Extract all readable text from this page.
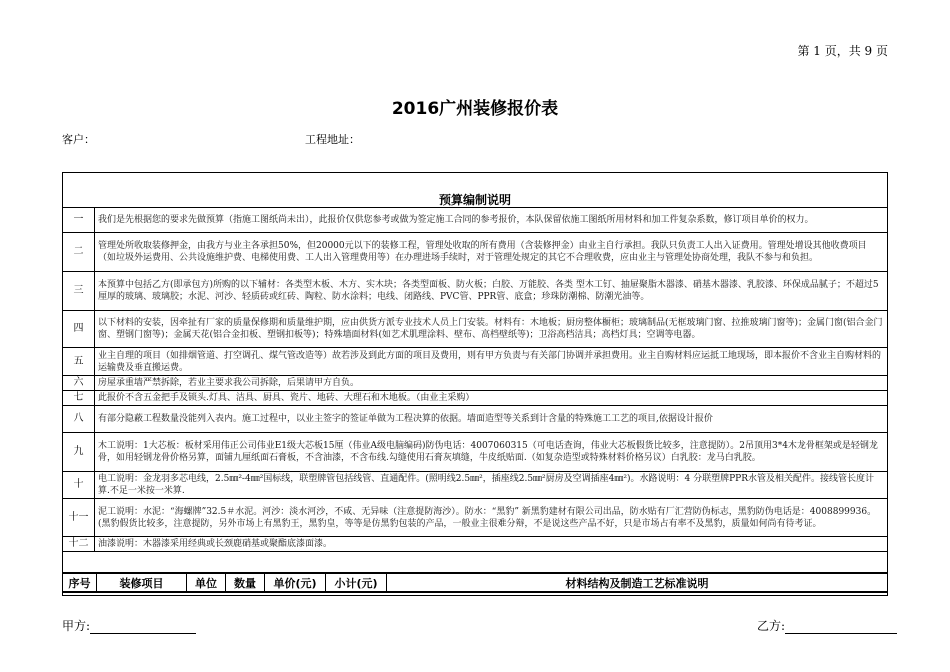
第 1 页，共 9 页
2016广州装修报价表
客户：	工程地址：
预算编制说明
一	我们是先根据您的要求先做预算（指施工图纸尚未出），此报价仅供您参考或做为签定施工合同的参考报价，本队保留依施工图纸所用材料和加工件复杂系数，修订项目单价的权力。
二	管理处所收取装修押金，由我方与业主各承担50%，但20000元以下的装修工程，管理处收取的所有费用（含装修押金）由业主自行承担。我队只负责工人出入证费用。管理处增设其他收费项目（如垃圾外运费用、公共设施维护费、电梯使用费、工人出入管理费用等）在办理进场手续时，对于管理处规定的其它不合理收费，应由业主与管理处协商处理，我队不参与和负担。
三	本预算中包括乙方(即承包方)所购的以下辅材：各类型木板、木方、实木块；各类型面板、防火板；白胶、万能胶、各类 型木工钉、抽屉聚脂木器漆、硝基木器漆、乳胶漆、环保成品腻子；不超过5厘厚的玻璃、玻璃胶；水泥、河沙、轻质砖或红砖、陶粒、防水涂料；电线、闭路线、PVC管、PPR管、底盒；珍珠防潮棉、防潮光油等。
四	以下材料的安装，因牵扯有厂家的质量保修期和质量维护期，应由供货方派专业技术人员上门安装。材料有：木地板；厨房整体橱柜；玻璃制品(无框玻璃门窗、拉推玻璃门窗等)；金属门窗(铝合金门窗、塑钢门窗等)；金属天花(铝合金扣板、塑钢扣板等)；特殊墙面材料(如艺术肌理涂料、壁布、高档壁纸等)；卫浴高档洁具；高档灯具；空调等电器。
五	业主自理的项目（如排烟管道、打空调孔、煤气管改造等）故若涉及到此方面的项目及费用，则有甲方负责与有关部门协调并承担费用。业主自购材料应运抵工地现场，即本报价不含业主自购材料的运输费及垂直搬运费。
六	房屋承重墙严禁拆除，若业主要求我公司拆除，后果请甲方自负。
七	此报价不含五金把手及锁头.灯具、洁具、厨具、瓷片、地砖、大理石和木地板。（由业主采购）
八	有部分隐蔽工程数量没能列入表内。施工过程中，以业主签字的签证单做为工程决算的依据。墙面造型等关系到计含量的特殊施工工艺的项目,依据设计报价
九	木工说明：1大芯板：板材采用伟正公司伟业E1级大芯板15厘（伟业A级电脑编码)防伪电话：4007060315（可电话查询，伟业大芯板假货比较多，注意提防）。2吊顶用3*4木龙骨框架或是轻钢龙骨，如用轻钢龙骨价格另算，面铺九厘纸面石膏板，不含油漆，不含布线.勾缝使用石膏灰填缝，牛皮纸贴面.（如复杂造型或特殊材料价格另议）白乳胶：龙马白乳胶。
十	电工说明：金龙羽多芯电线，2.5㎜²-4㎜²国标线，联塑牌管包括线管、直通配件。(照明线2.5㎜²，插座线2.5㎜²厨房及空调插座4㎜²)。水路说明：4 分联塑牌PPR水管及相关配件。接线管长度计算.不足一米按一米算.
十一	泥工说明：水泥：“海螺牌”32.5＃水泥。河沙：淡水河沙，不咸、无异味（注意提防海沙）。防水：“黑豹” 新黑豹建材有限公司出品，防水贴有厂汇营防伪标志，黑豹防伪电话是：4008899936。(黑豹假货比较多，注意提防，另外市场上有黑豹王，黑豹皇，等等是仿黑豹包装的产品，一般业主很难分辩，不是说这些产品不好，只是市场占有率不及黑豹，质量如何尚有待考证。
十二	油漆说明：木器漆采用经典或长颈鹿硝基或聚酯底漆面漆。
序号	装修项目	单位	数量	单价(元)	小计(元)	材料结构及制造工艺标准说明
甲方:	乙方:
